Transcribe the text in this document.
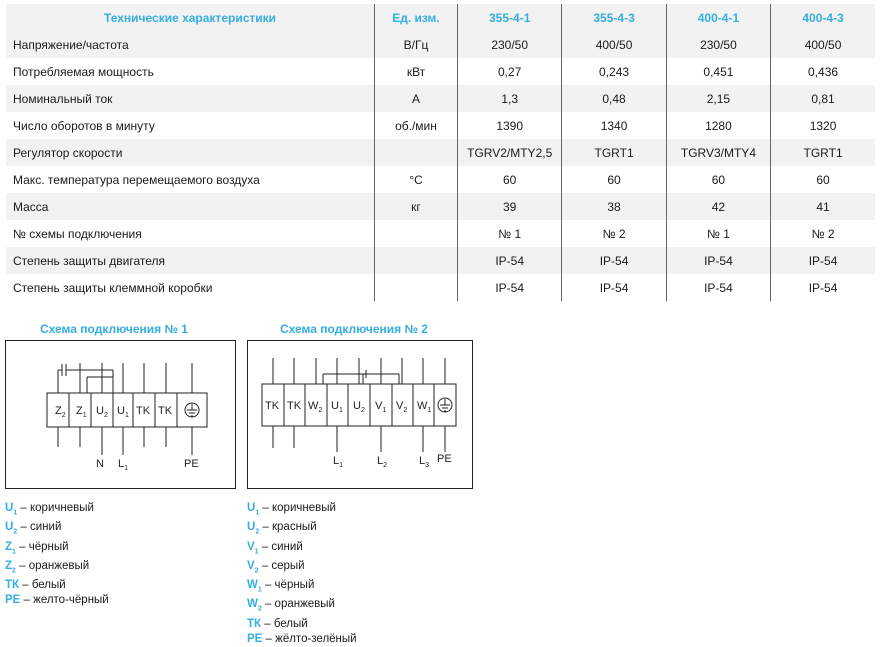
Технические характеристики	Ед. изм.	355-4-1	355-4-3	400-4-1	400-4-3
Напряжение/частота	В/Гц	230/50	400/50	230/50	400/50
Потребляемая мощность	кВт	0,27	0,243	0,451	0,436
Номинальный ток	А	1,3	0,48	2,15	0,81
Число оборотов в минуту	об./мин	1390	1340	1280	1320
Регулятор скорости		TGRV2/MTY2,5	TGRT1	TGRV3/MTY4	TGRT1
Макс. температура перемещаемого воздуха	°С	60	60	60	60
Масса	кг	39	38	42	41
№ схемы подключения		№ 1	№ 2	№ 1	№ 2
Степень защиты двигателя		IP-54	IP-54	IP-54	IP-54
Степень защиты клеммной коробки		IP-54	IP-54	IP-54	IP-54
Схема подключения № 1	Схема подключения № 2
$Z_2$ $Z_1$ $U_2$ $U_1$ TK TK
N $L_1$	PE
TK TK $W_2$ $U_1$ $U_2$ $V_1$ $V_2$ $W_1$
$L_1$	$L_2$	$L_3$
PE
$U_1$ – коричневый
$U_2$ – синий
$Z_1$ – чёрный
$Z_2$ – оранжевый
ТК – белый
PE – желто-чёрный
$U_1$ – коричневый
$U_2$ – красный
$V_1$ – синий
$V_2$ – серый
$W_1$ – чёрный
$W_2$ – оранжевый
ТК – белый
PE – жёлто-зелёный
